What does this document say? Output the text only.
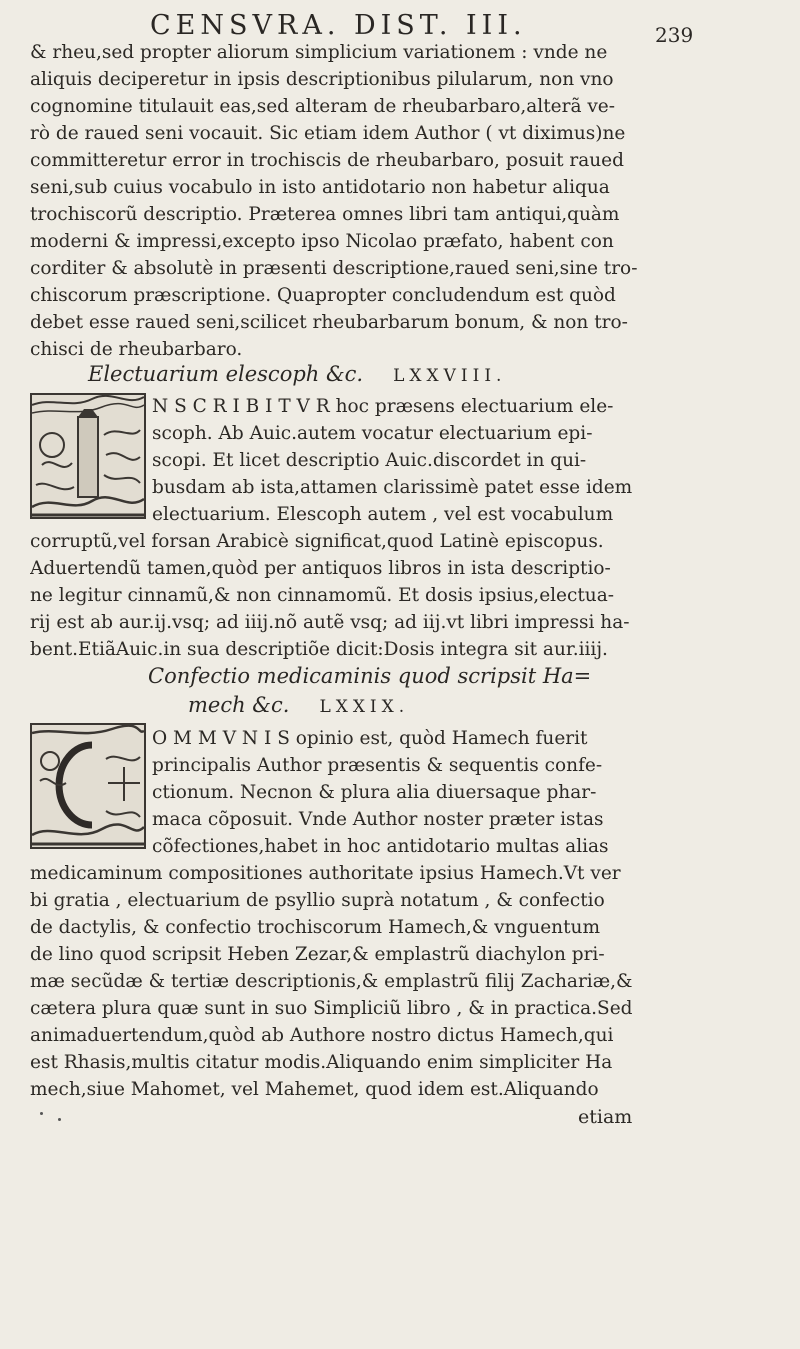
CENSVRA. DIST. III.	239
& rheu,sed propter aliorum simplicium variationem : vnde ne
aliquis deciperetur in ipsis descriptionibus pilularum, non vno
cognomine titulauit eas,sed alteram de rheubarbaro,alterã ve-
rò de raued seni vocauit. Sic etiam idem Author ( vt diximus)ne
committeretur error in trochiscis de rheubarbaro, posuit raued
seni,sub cuius vocabulo in isto antidotario non habetur aliqua
trochiscorũ descriptio. Præterea omnes libri tam antiqui,quàm
moderni & impressi,excepto ipso Nicolao præfato, habent con
corditer & absolutè in præsenti descriptione,raued seni,sine tro-
chiscorum præscriptione. Quapropter concludendum est quòd
debet esse raued seni,scilicet rheubarbarum bonum, & non tro-
chisci de rheubarbaro.
Electuarium elescoph &c. LXXVIII.
N S C R I B I T V R hoc præsens electuarium ele-
scoph. Ab Auic.autem vocatur electuarium epi-
scopi. Et licet descriptio Auic.discordet in qui-
busdam ab ista,attamen clarissimè patet esse idem
electuarium. Elescoph autem , vel est vocabulum
corruptũ,vel forsan Arabicè significat,quod Latinè episcopus.
Aduertendũ tamen,quòd per antiquos libros in ista descriptio-
ne legitur cinnamũ,& non cinnamomũ. Et dosis ipsius,electua-
rij est ab aur.ij.vsq; ad iiij.nõ autẽ vsq; ad iij.vt libri impressi ha-
bent.EtiãAuic.in sua descriptiõe dicit:Dosis integra sit aur.iiij.
Confectio medicaminis quod scripsit Ha=
mech &c. LXXIX.
O M M V N I S opinio est, quòd Hamech fuerit
principalis Author præsentis & sequentis confe-
ctionum. Necnon & plura alia diuersaque phar-
maca cõposuit. Vnde Author noster præter istas
cõfectiones,habet in hoc antidotario multas alias
medicaminum compositiones authoritate ipsius Hamech.Vt ver
bi gratia , electuarium de psyllio suprà notatum , & confectio
de dactylis, & confectio trochiscorum Hamech,& vnguentum
de lino quod scripsit Heben Zezar,& emplastrũ diachylon pri-
mæ secũdæ & tertiæ descriptionis,& emplastrũ filij Zachariæ,&
cætera plura quæ sunt in suo Simpliciũ libro , & in practica.Sed
animaduertendum,quòd ab Authore nostro dictus Hamech,qui
est Rhasis,multis citatur modis.Aliquando enim simpliciter Ha
mech,siue Mahomet, vel Mahemet, quod idem est.Aliquando
etiam
